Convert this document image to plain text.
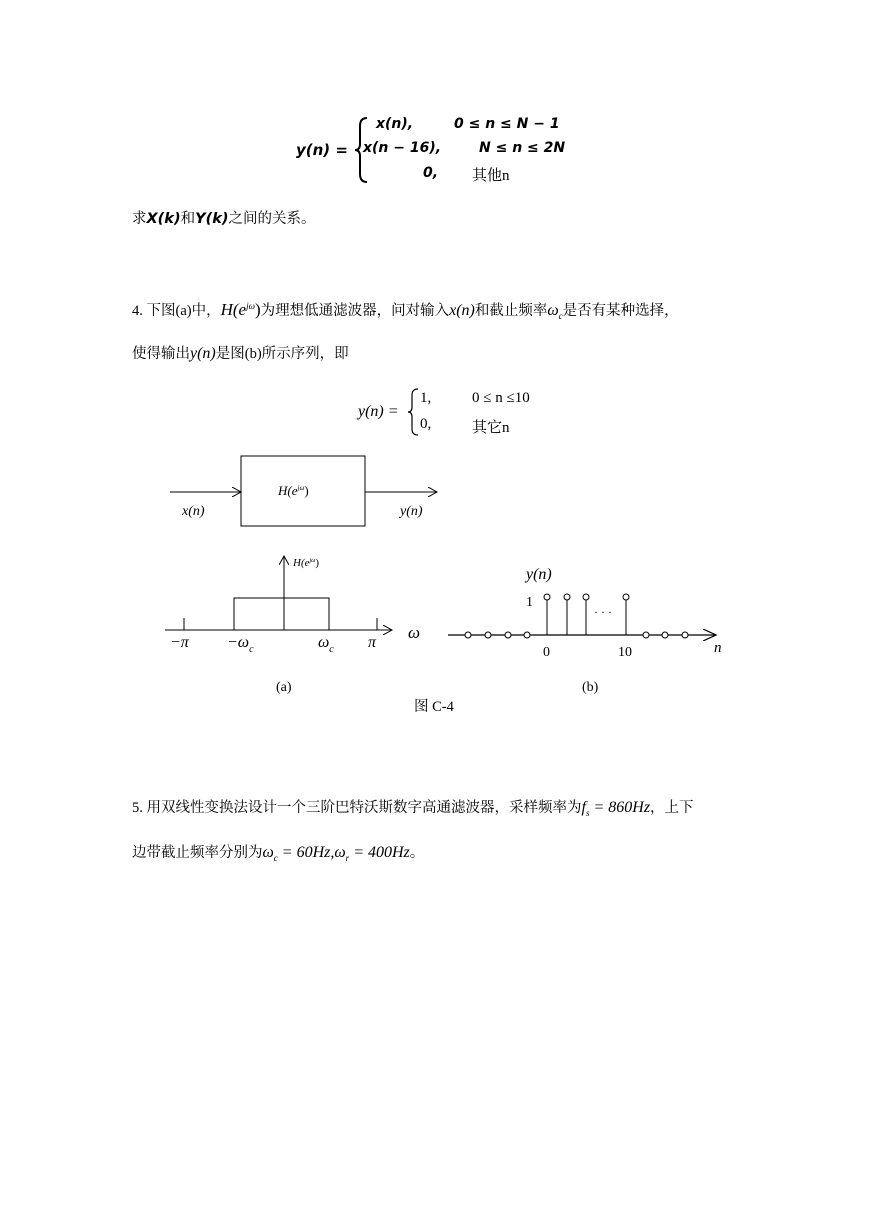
y(n) =
x(n),	0 ≤ n ≤ N − 1
x(n − 16),	N ≤ n ≤ 2N
0, 其他n
求X(k)和Y(k)之间的关系。
4. 下图(a)中，$H(e^{j\omega})$为理想低通滤波器，问对输入x(n)和截止频率$\omega_c$是否有某种选择，
使得输出y(n)是图(b)所示序列，即
y(n) =
1,	0 ≤ n ≤10
0,	其它n
x(n)	y(n)
$H(e^{j\omega})$
$H(e^{j\omega})$
$-\pi -\omega_c$	$\omega_c$ π
ω
(a)
y(n)
1
· · ·
0	10	n
(b)
图 C-4
5. 用双线性变换法设计一个三阶巴特沃斯数字高通滤波器，采样频率为$f_s = 860Hz$，上下
边带截止频率分别为$\omega_c = 60Hz,\omega_r = 400Hz$。
